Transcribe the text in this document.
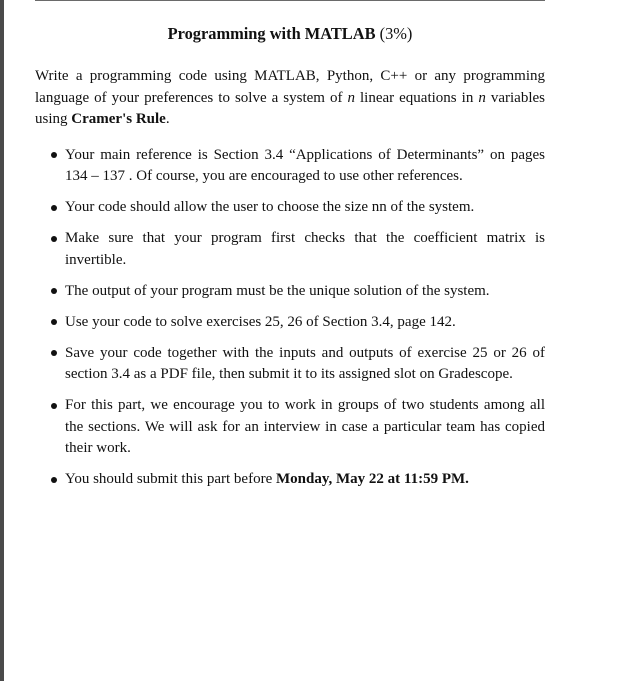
Programming with MATLAB (3%)

Write a programming code using MATLAB, Python, C++ or any programming language of your preferences to solve a system of n linear equations in n variables using Cramer's Rule.

Your main reference is Section 3.4 “Applications of Determinants” on pages 134 – 137 . Of course, you are encouraged to use other references.
Your code should allow the user to choose the size nn of the system.
Make sure that your program first checks that the coefficient matrix is invertible.
The output of your program must be the unique solution of the system.
Use your code to solve exercises 25, 26 of Section 3.4, page 142.
Save your code together with the inputs and outputs of exercise 25 or 26 of section 3.4 as a PDF file, then submit it to its assigned slot on Gradescope.
For this part, we encourage you to work in groups of two students among all the sections. We will ask for an interview in case a particular team has copied their work.
You should submit this part before Monday, May 22 at 11:59 PM.
